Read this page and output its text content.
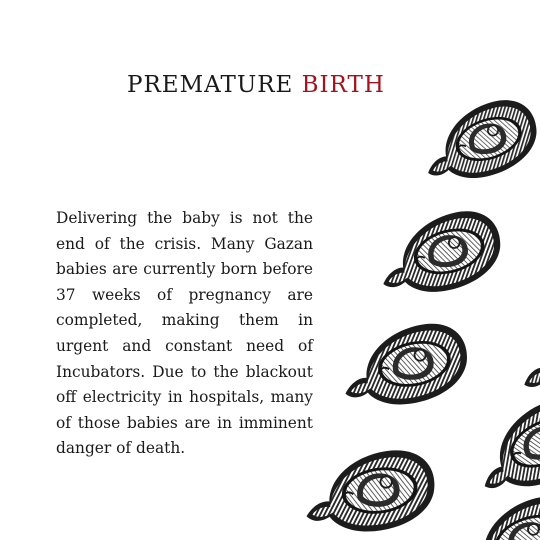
PREMATURE BIRTH
Delivering the baby is not the end of the crisis. Many Gazan babies are currently born before 37 weeks of pregnancy are completed, making them in urgent and constant need of Incubators. Due to the blackout off electricity in hospitals, many of those babies are in imminent danger of death.
